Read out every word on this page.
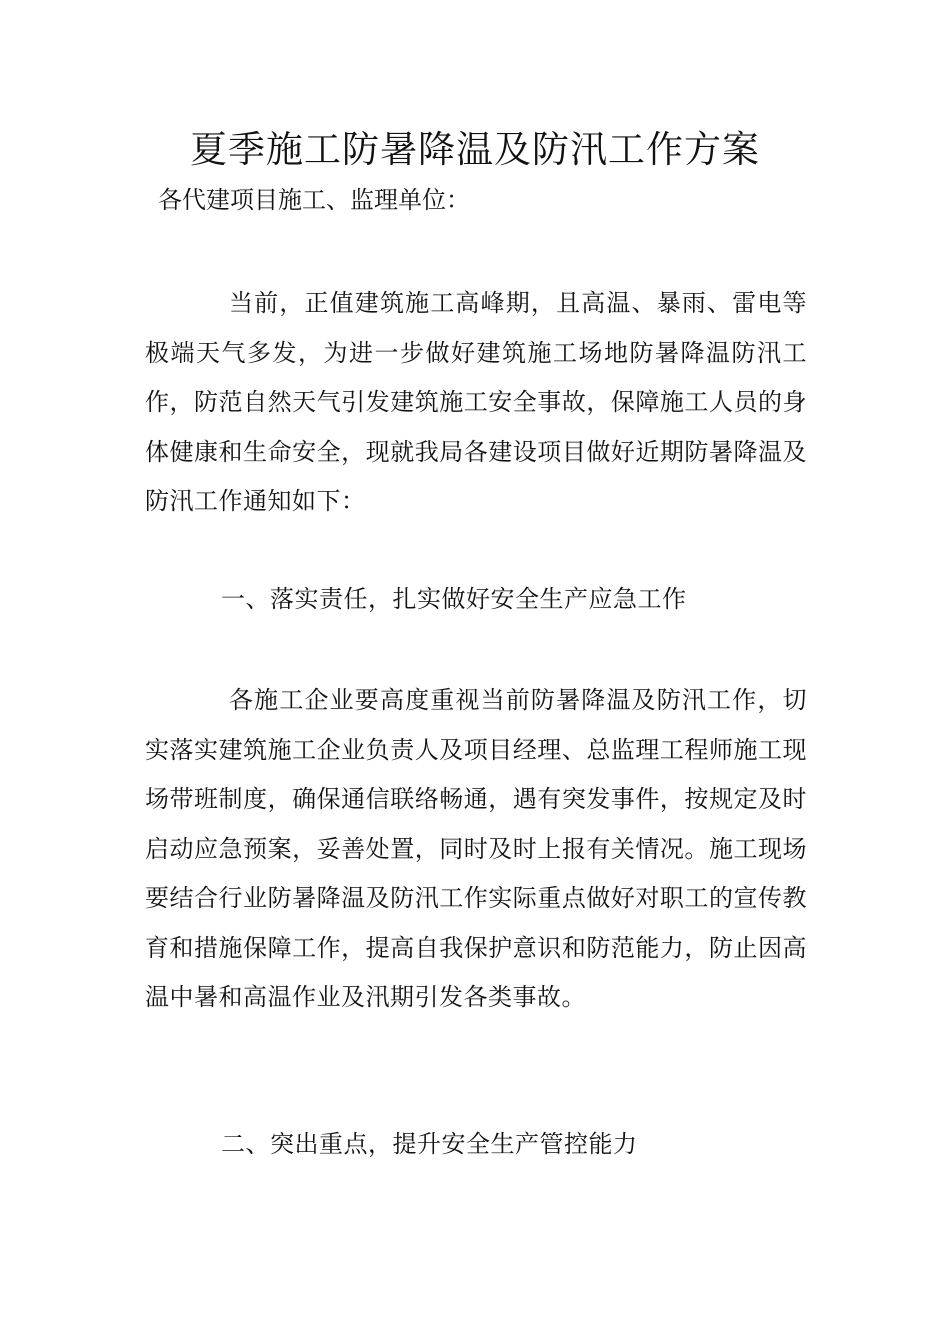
夏季施工防暑降温及防汛工作方案

各代建项目施工、监理单位：

当前，正值建筑施工高峰期，且高温、暴雨、雷电等极端天气多发，为进一步做好建筑施工场地防暑降温防汛工作，防范自然天气引发建筑施工安全事故，保障施工人员的身体健康和生命安全，现就我局各建设项目做好近期防暑降温及防汛工作通知如下：

一、落实责任，扎实做好安全生产应急工作

各施工企业要高度重视当前防暑降温及防汛工作，切实落实建筑施工企业负责人及项目经理、总监理工程师施工现场带班制度，确保通信联络畅通，遇有突发事件，按规定及时启动应急预案，妥善处置，同时及时上报有关情况。施工现场要结合行业防暑降温及防汛工作实际重点做好对职工的宣传教育和措施保障工作，提高自我保护意识和防范能力，防止因高温中暑和高温作业及汛期引发各类事故。

二、突出重点，提升安全生产管控能力
